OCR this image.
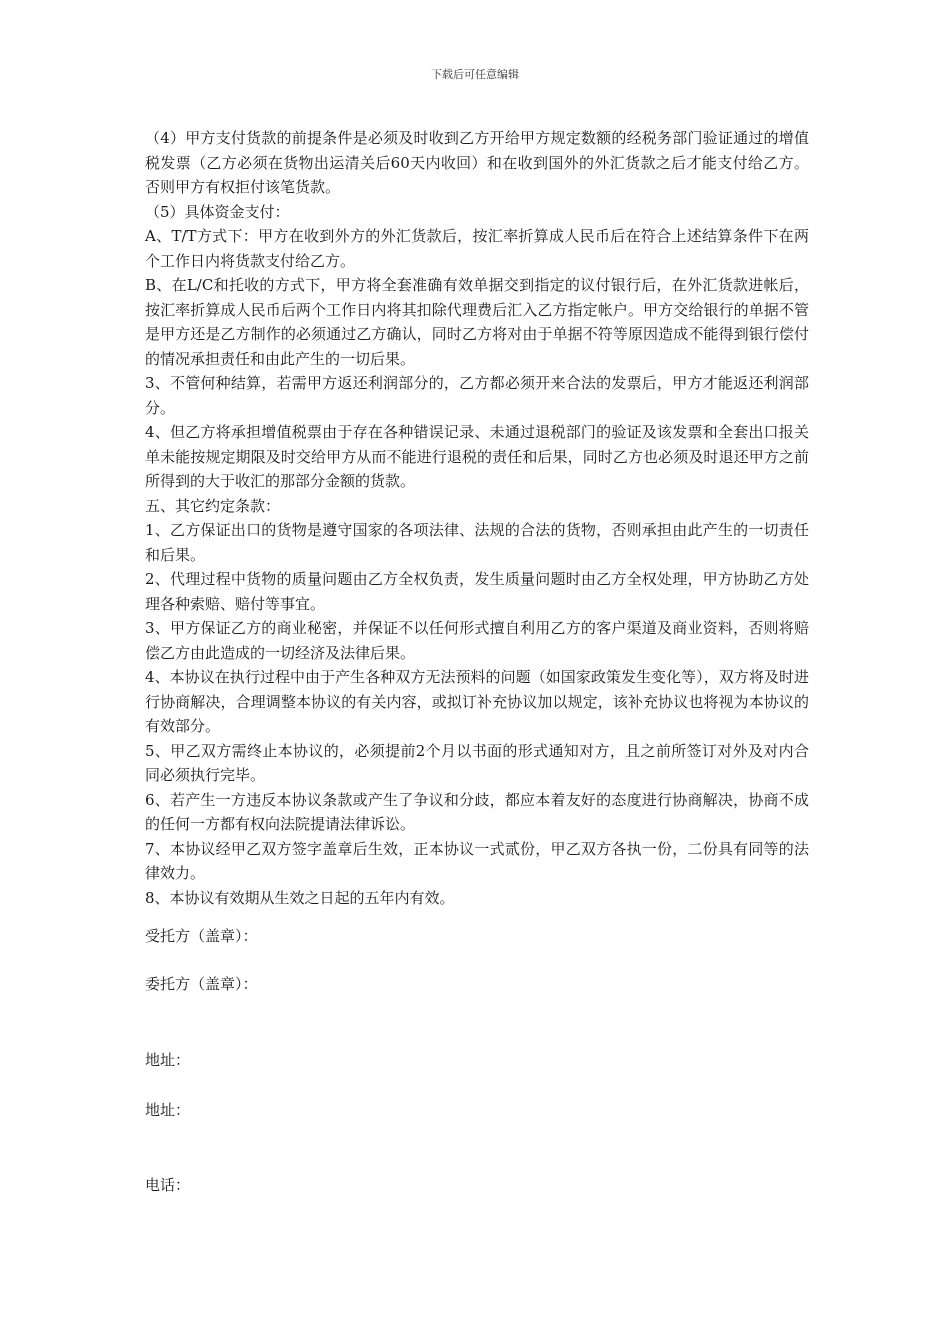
下载后可任意编辑

（4）甲方支付货款的前提条件是必须及时收到乙方开给甲方规定数额的经税务部门验证通过的增值税发票（乙方必须在货物出运清关后60天内收回）和在收到国外的外汇货款之后才能支付给乙方。否则甲方有权拒付该笔货款。

（5）具体资金支付：

A、T/T方式下：甲方在收到外方的外汇货款后，按汇率折算成人民币后在符合上述结算条件下在两个工作日内将货款支付给乙方。

B、在L/C和托收的方式下，甲方将全套准确有效单据交到指定的议付银行后，在外汇货款进帐后，按汇率折算成人民币后两个工作日内将其扣除代理费后汇入乙方指定帐户。甲方交给银行的单据不管是甲方还是乙方制作的必须通过乙方确认，同时乙方将对由于单据不符等原因造成不能得到银行偿付的情况承担责任和由此产生的一切后果。

3、不管何种结算，若需甲方返还利润部分的，乙方都必须开来合法的发票后，甲方才能返还利润部分。

4、但乙方将承担增值税票由于存在各种错误记录、未通过退税部门的验证及该发票和全套出口报关单未能按规定期限及时交给甲方从而不能进行退税的责任和后果，同时乙方也必须及时退还甲方之前所得到的大于收汇的那部分金额的货款。

五、其它约定条款：

1、乙方保证出口的货物是遵守国家的各项法律、法规的合法的货物，否则承担由此产生的一切责任和后果。

2、代理过程中货物的质量问题由乙方全权负责，发生质量问题时由乙方全权处理，甲方协助乙方处理各种索赔、赔付等事宜。

3、甲方保证乙方的商业秘密，并保证不以任何形式擅自利用乙方的客户渠道及商业资料，否则将赔偿乙方由此造成的一切经济及法律后果。

4、本协议在执行过程中由于产生各种双方无法预料的问题（如国家政策发生变化等），双方将及时进行协商解决，合理调整本协议的有关内容，或拟订补充协议加以规定，该补充协议也将视为本协议的有效部分。

5、甲乙双方需终止本协议的，必须提前2个月以书面的形式通知对方，且之前所签订对外及对内合同必须执行完毕。

6、若产生一方违反本协议条款或产生了争议和分歧，都应本着友好的态度进行协商解决，协商不成的任何一方都有权向法院提请法律诉讼。

7、本协议经甲乙双方签字盖章后生效，正本协议一式贰份，甲乙双方各执一份，二份具有同等的法律效力。

8、本协议有效期从生效之日起的五年内有效。

受托方（盖章）：
委托方（盖章）：
地址：
地址：
电话：
